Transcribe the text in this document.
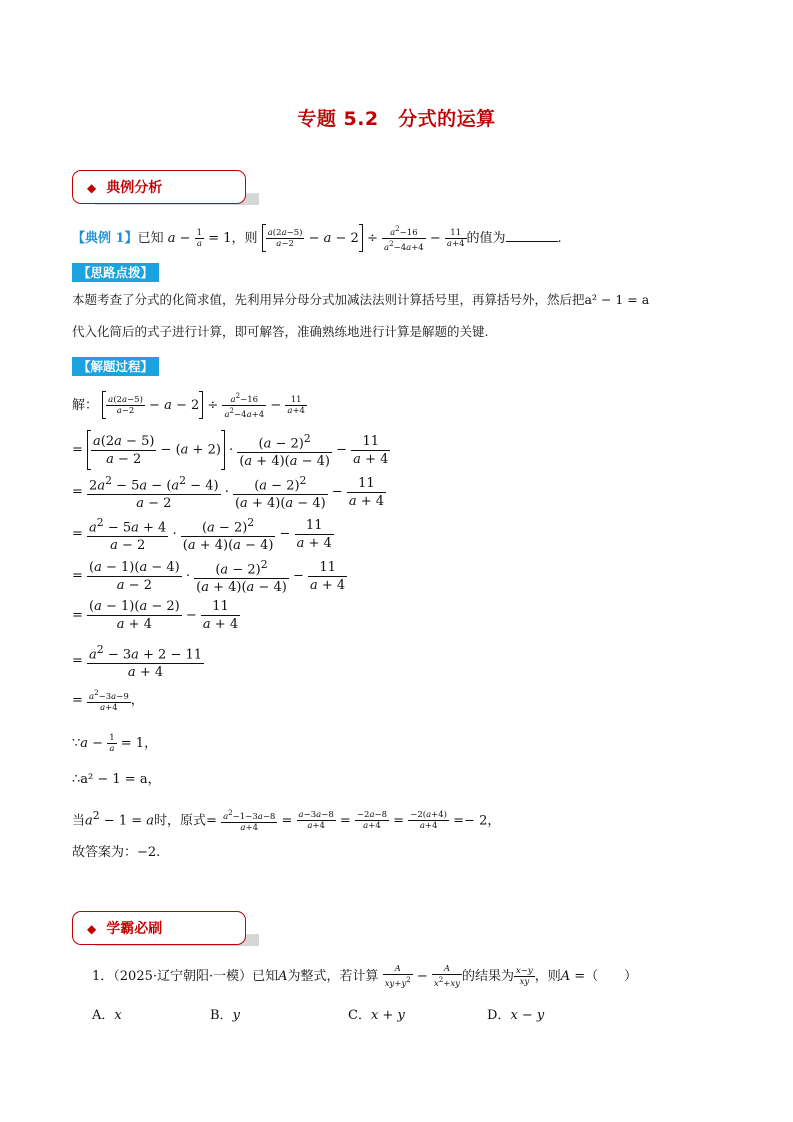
专题 5.2　分式的运算
◆ 典例分析
【典例 1】已知 $a - \frac{1}{a} = 1$，则 $\frac{a(2a-5)}{a-2} - a - 2 \div \frac{a^2-16}{a^2-4a+4} - \frac{11}{a+4}$ 的值为	.
【思路点拨】
本题考查了分式的化简求值，先利用异分母分式加减法法则计算括号里，再算括号外，然后把a² − 1 = a
代入化简后的式子进行计算，即可解答，准确熟练地进行计算是解题的关键.
【解题过程】
解： $\frac{a(2a-5)}{a-2} - a - 2 \div \frac{a^2-16}{a^2-4a+4} - \frac{11}{a+4}$
= $\frac{a(2a - 5)}{a - 2} - (a + 2) \cdot \frac{(a - 2)^2}{(a + 4)(a - 4)} - \frac{11}{a + 4}$
= $\frac{2a^2 - 5a - (a^2 - 4)}{a - 2} \cdot \frac{(a - 2)^2}{(a + 4)(a - 4)} - \frac{11}{a + 4}$
= $\frac{a^2 - 5a + 4}{a - 2} \cdot \frac{(a - 2)^2}{(a + 4)(a - 4)} - \frac{11}{a + 4}$
= $\frac{(a - 1)(a - 4)}{a - 2} \cdot \frac{(a - 2)^2}{(a + 4)(a - 4)} - \frac{11}{a + 4}$
= $\frac{(a - 1)(a - 2)}{a + 4} - \frac{11}{a + 4}$
= $\frac{a^2 - 3a + 2 - 11}{a + 4}$
= $\frac{a^2-3a-9}{a+4}$ ，
∵a − $\frac{1}{a} = 1$，
∴a² − 1 = a，
当$a^2 - 1 = a$时，原式= $\frac{a^2-1-3a-8}{a+4} = \frac{a-3a-8}{a+4} = \frac{-2a-8}{a+4} = \frac{-2(a+4)}{a+4} =- 2$，
故答案为：−2.
◆ 学霸必刷
1．（2025·辽宁朝阳·一模）已知A为整式，若计算 $\frac{A}{xy+y^2} - \frac{A}{x^2+xy}$ 的结果为 $\frac{x-y}{xy}$ ，则A =（　　）
A．x	B．y	C．x + y	D．x − y
